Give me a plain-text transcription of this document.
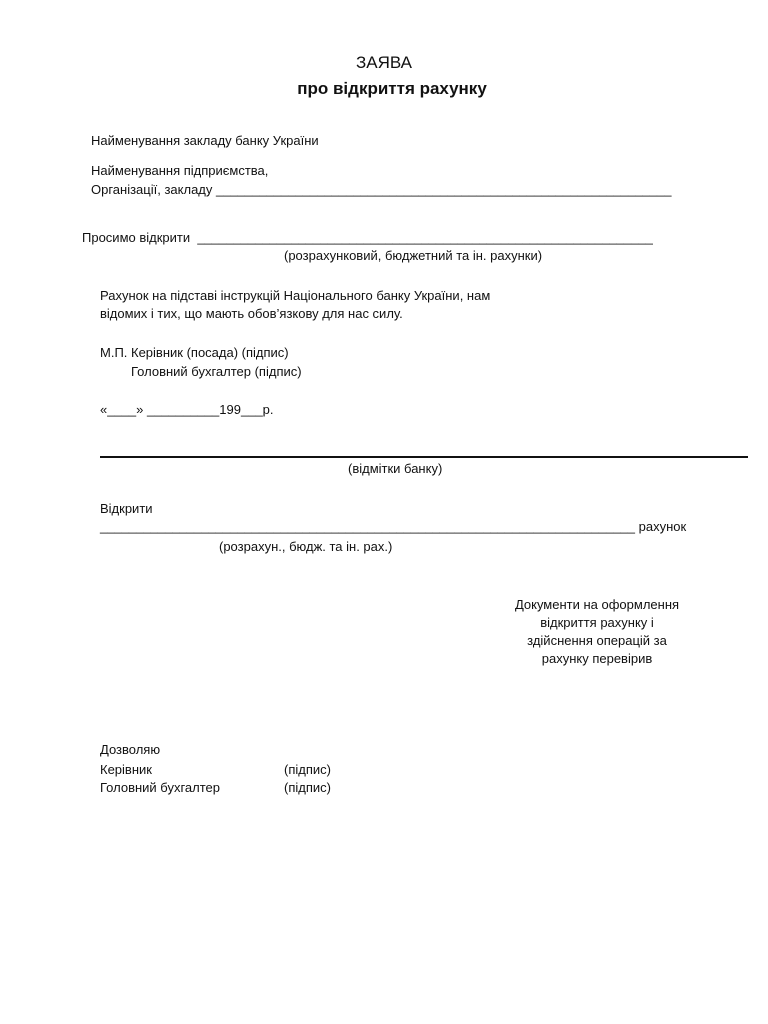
ЗАЯВА
про відкриття рахунку
Найменування закладу банку України
Найменування підприємства,
Організації, закладу _______________________________________________________________
Просимо відкрити  _______________________________________________________________
(розрахунковий, бюджетний та ін. рахунки)
Рахунок на підставі інструкцій Національного банку України, нам
відомих і тих, що мають обов’язкову для нас силу.
М.П. Керівник (посада) (підпис)
Головний бухгалтер (підпис)
«____» __________199___р.
(відмітки банку)
Відкрити
__________________________________________________________________________ рахунок
(розрахун., бюдж. та ін. рах.)
Документи на оформлення відкриття рахунку і здійснення операцій за рахунку перевірив
Дозволяю
Керівник	(підпис)
Головний бухгалтер	(підпис)
